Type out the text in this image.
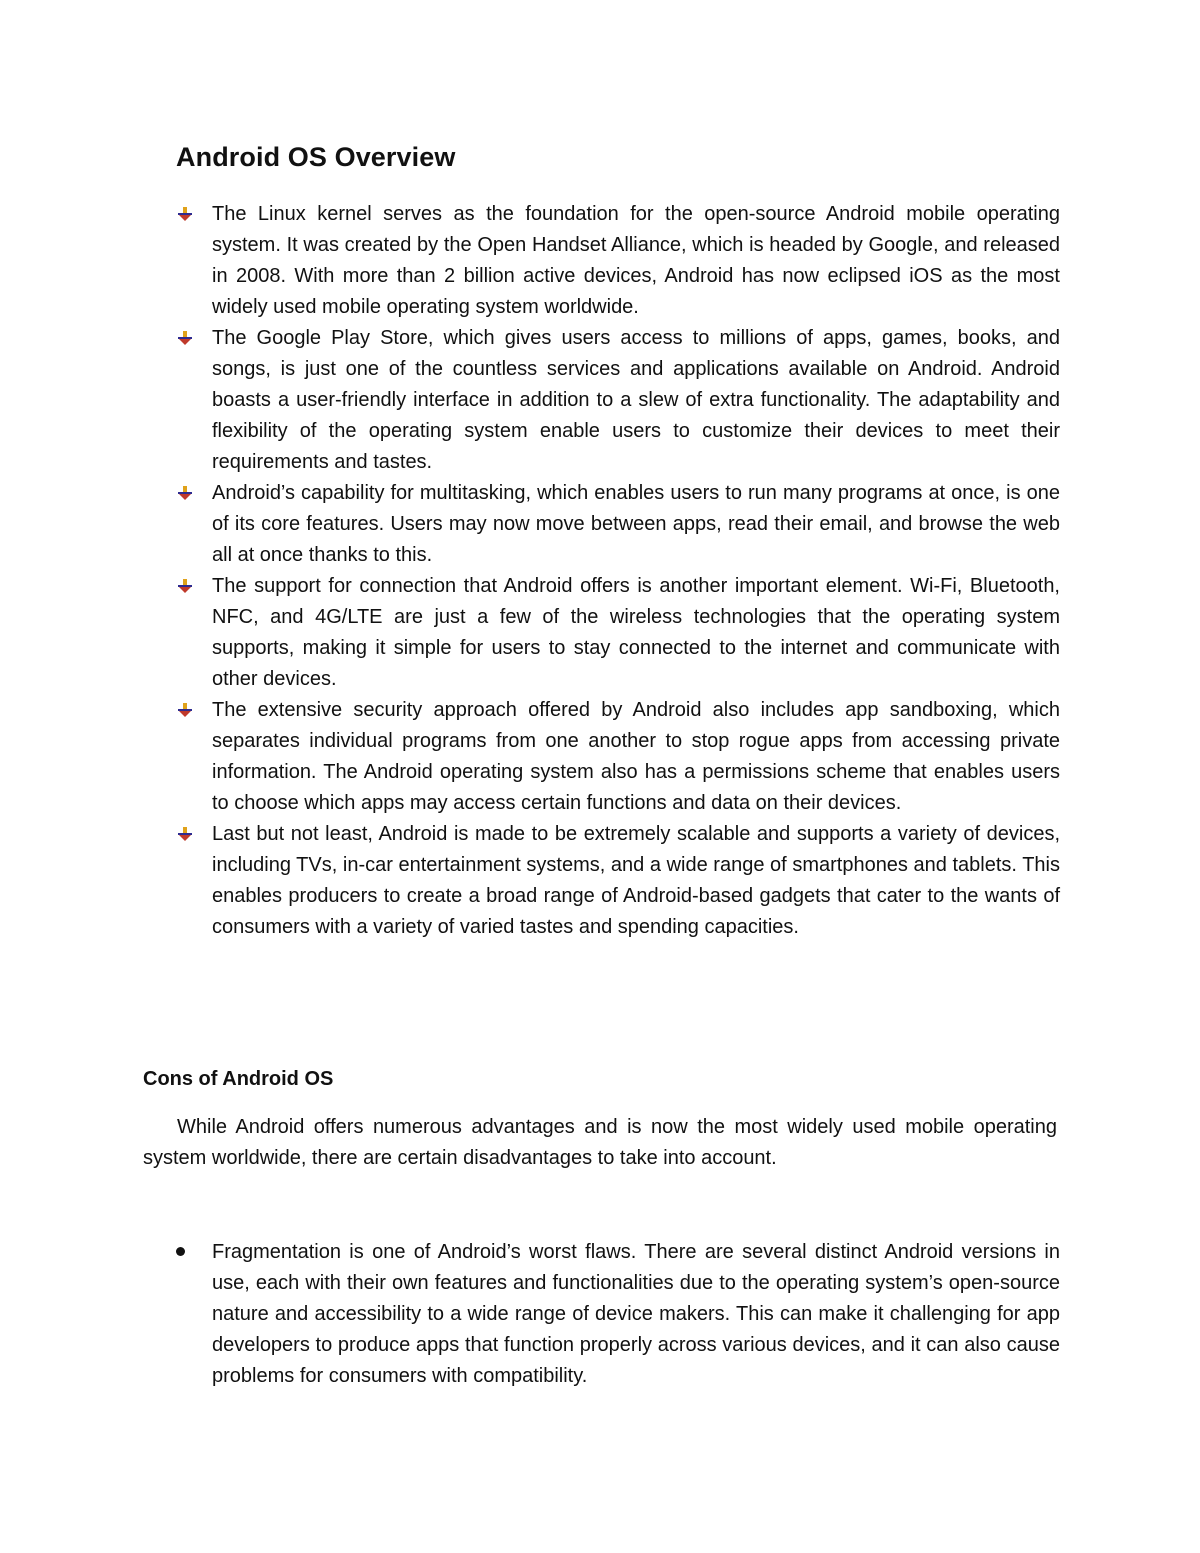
Android OS Overview
The Linux kernel serves as the foundation for the open-source Android mobile operating system. It was created by the Open Handset Alliance, which is headed by Google, and released in 2008. With more than 2 billion active devices, Android has now eclipsed iOS as the most widely used mobile operating system worldwide.
The Google Play Store, which gives users access to millions of apps, games, books, and songs, is just one of the countless services and applications available on Android. Android boasts a user-friendly interface in addition to a slew of extra functionality. The adaptability and flexibility of the operating system enable users to customize their devices to meet their requirements and tastes.
Android’s capability for multitasking, which enables users to run many programs at once, is one of its core features. Users may now move between apps, read their email, and browse the web all at once thanks to this.
The support for connection that Android offers is another important element. Wi-Fi, Bluetooth, NFC, and 4G/LTE are just a few of the wireless technologies that the operating system supports, making it simple for users to stay connected to the internet and communicate with other devices.
The extensive security approach offered by Android also includes app sandboxing, which separates individual programs from one another to stop rogue apps from accessing private information. The Android operating system also has a permissions scheme that enables users to choose which apps may access certain functions and data on their devices.
Last but not least, Android is made to be extremely scalable and supports a variety of devices, including TVs, in-car entertainment systems, and a wide range of smartphones and tablets. This enables producers to create a broad range of Android-based gadgets that cater to the wants of consumers with a variety of varied tastes and spending capacities.
Cons of Android OS

While Android offers numerous advantages and is now the most widely used mobile operating system worldwide, there are certain disadvantages to take into account.

Fragmentation is one of Android’s worst flaws. There are several distinct Android versions in use, each with their own features and functionalities due to the operating system’s open-source nature and accessibility to a wide range of device makers. This can make it challenging for app developers to produce apps that function properly across various devices, and it can also cause problems for consumers with compatibility.
